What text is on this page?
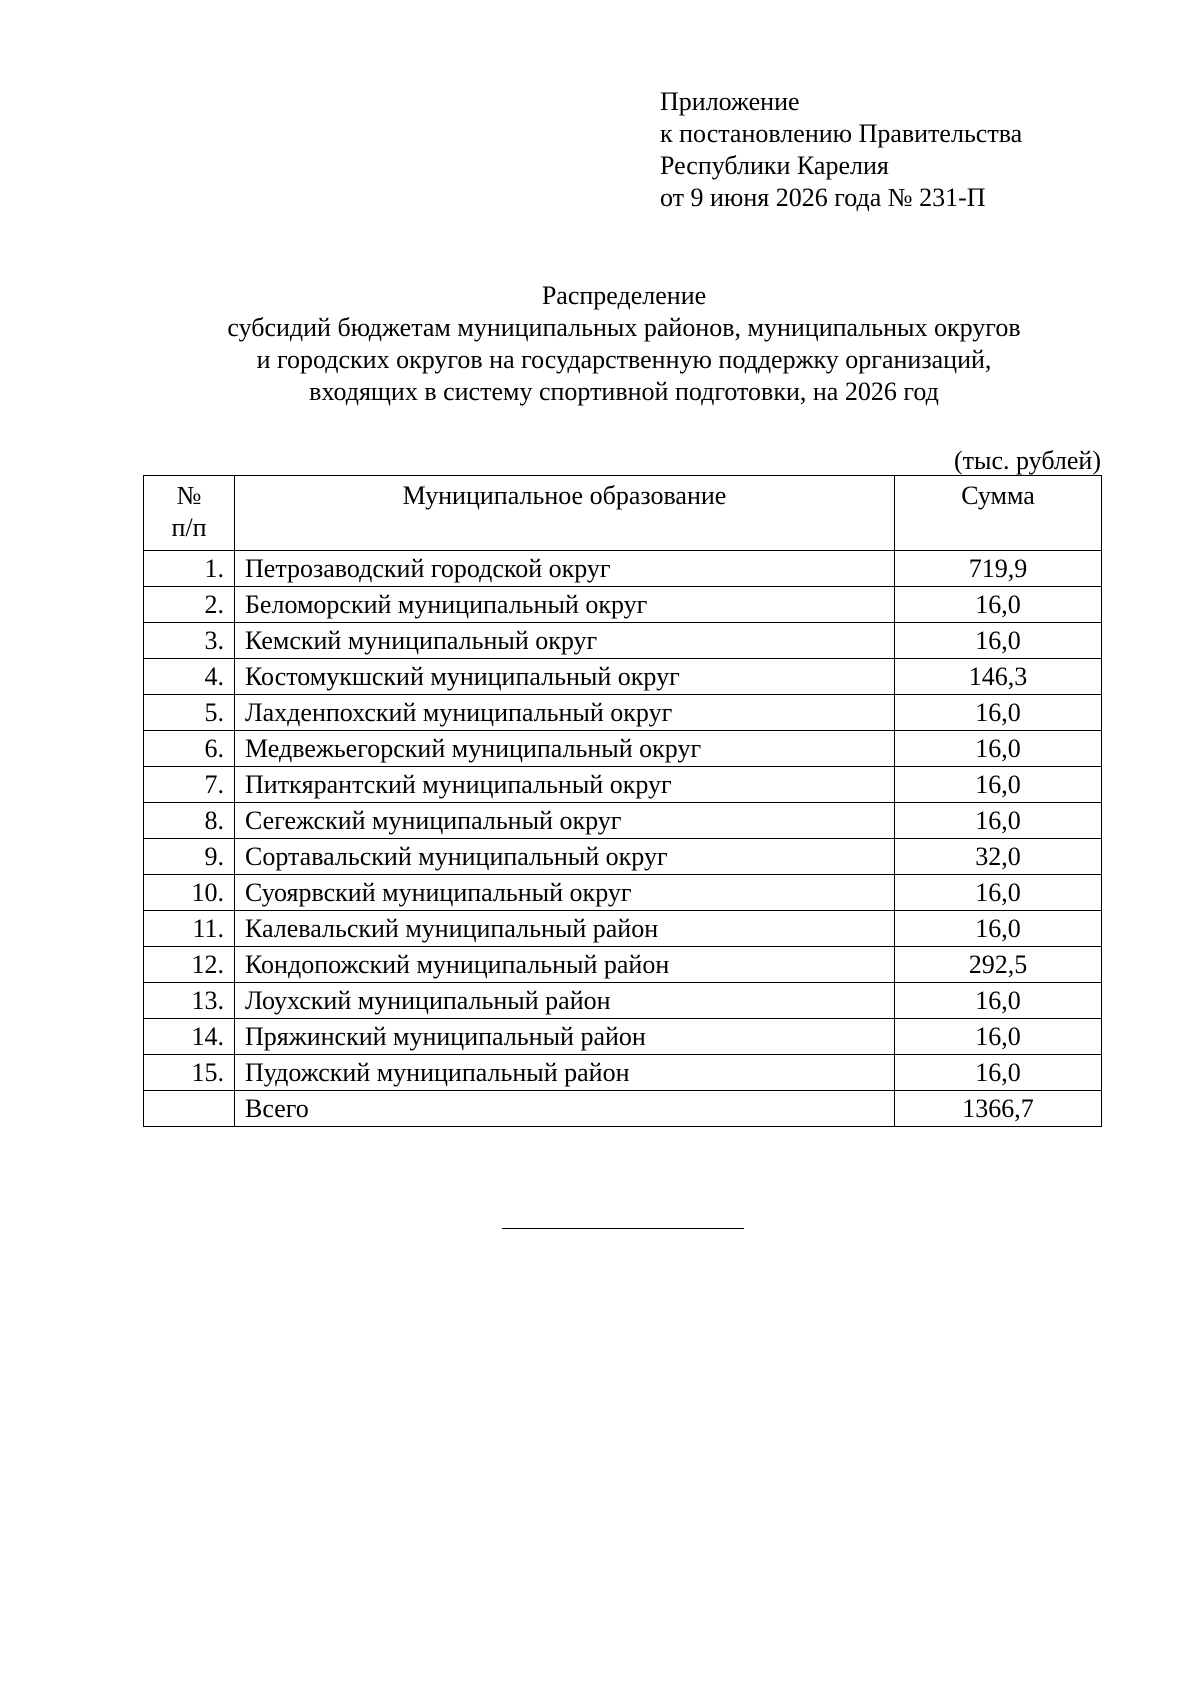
Приложение
к постановлению Правительства
Республики Карелия
от 9 июня 2026 года № 231-П
Распределение
субсидий бюджетам муниципальных районов, муниципальных округов
и городских округов на государственную поддержку организаций,
входящих в систему спортивной подготовки, на 2026 год
(тыс. рублей)
№
п/п	Муниципальное образование	Сумма
1.	Петрозаводский городской округ	719,9
2.	Беломорский муниципальный округ	16,0
3.	Кемский муниципальный округ	16,0
4.	Костомукшский муниципальный округ	146,3
5.	Лахденпохский муниципальный округ	16,0
6.	Медвежьегорский муниципальный округ	16,0
7.	Питкярантский муниципальный округ	16,0
8.	Сегежский муниципальный округ	16,0
9.	Сортавальский муниципальный округ	32,0
10.	Суоярвский муниципальный округ	16,0
11.	Калевальский муниципальный район	16,0
12.	Кондопожский муниципальный район	292,5
13.	Лоухский муниципальный район	16,0
14.	Пряжинский муниципальный район	16,0
15.	Пудожский муниципальный район	16,0
	Всего	1366,7
